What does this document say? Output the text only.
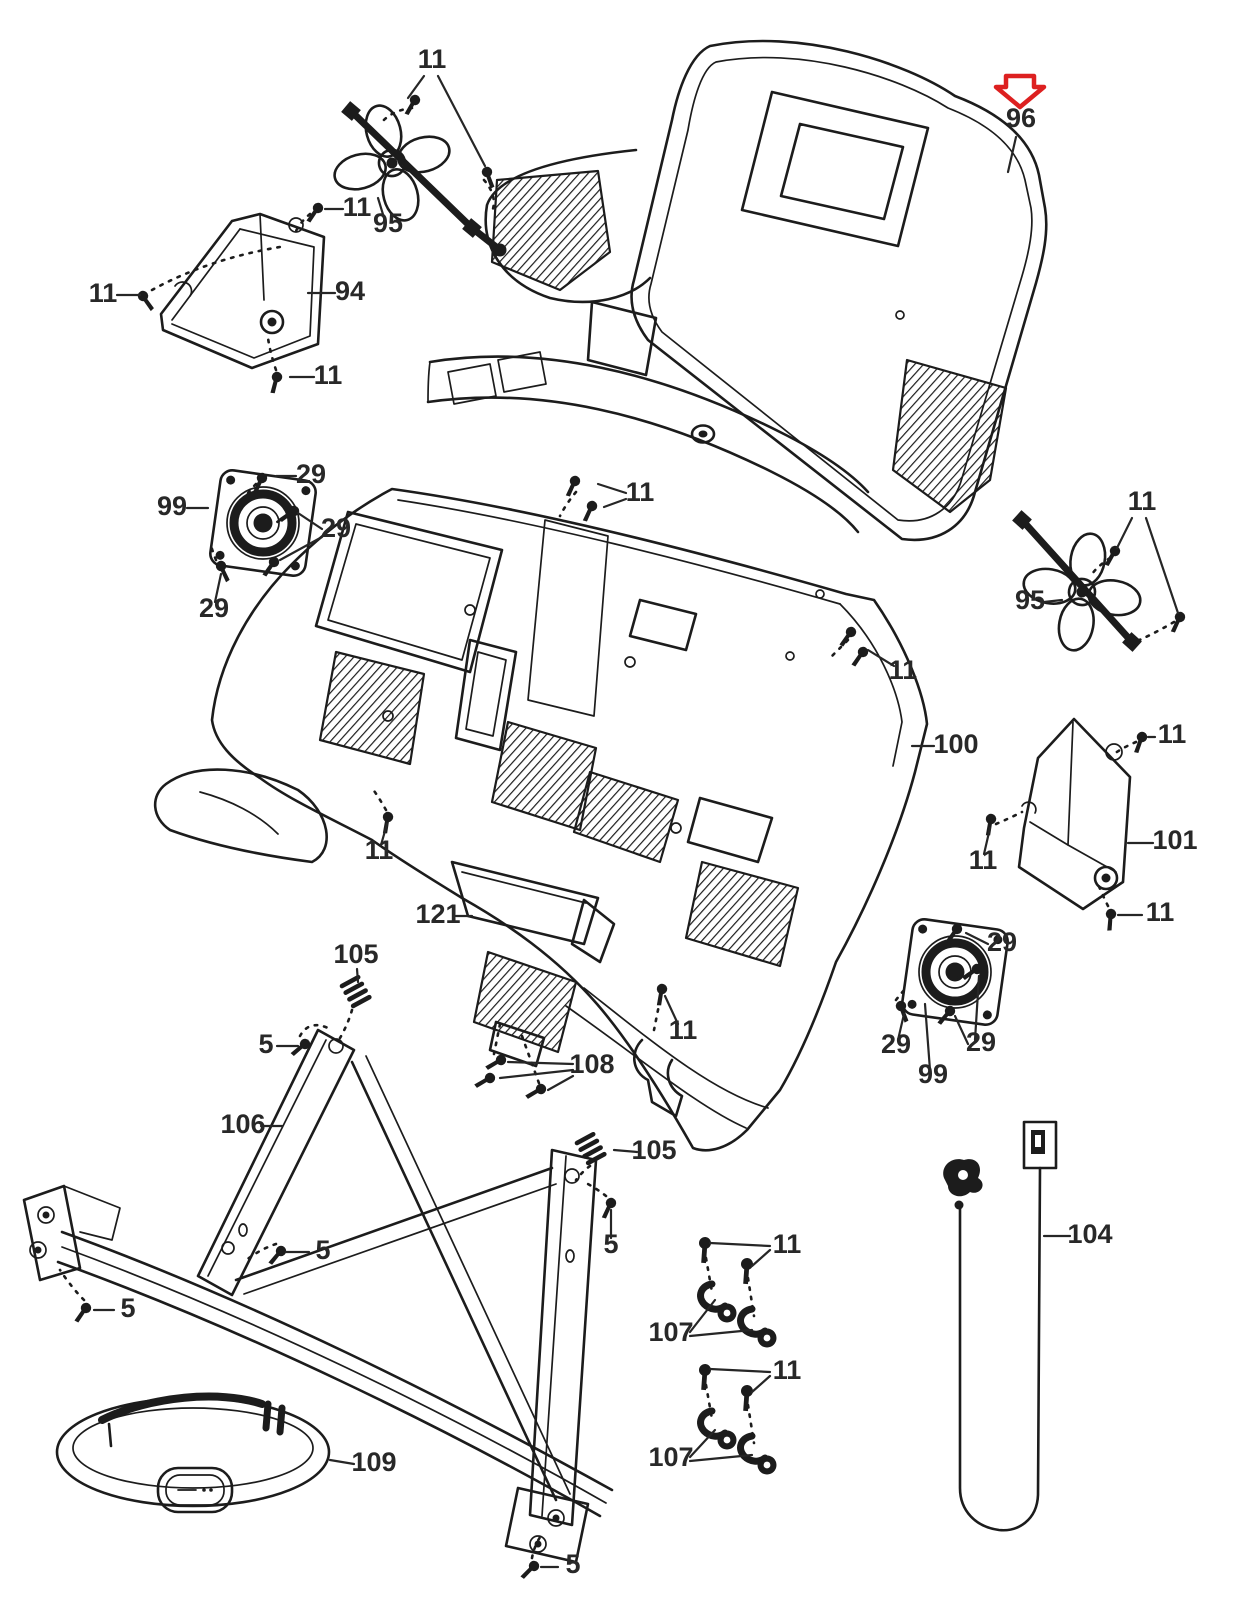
11
95
11
11	94
11
96
29
99
29
29
11
95
11
11
100	11
11
101
11
11
121
105
5
106
108
11
105
29
29
29
99
5
5
5
107
11
107
11
109
104
5
